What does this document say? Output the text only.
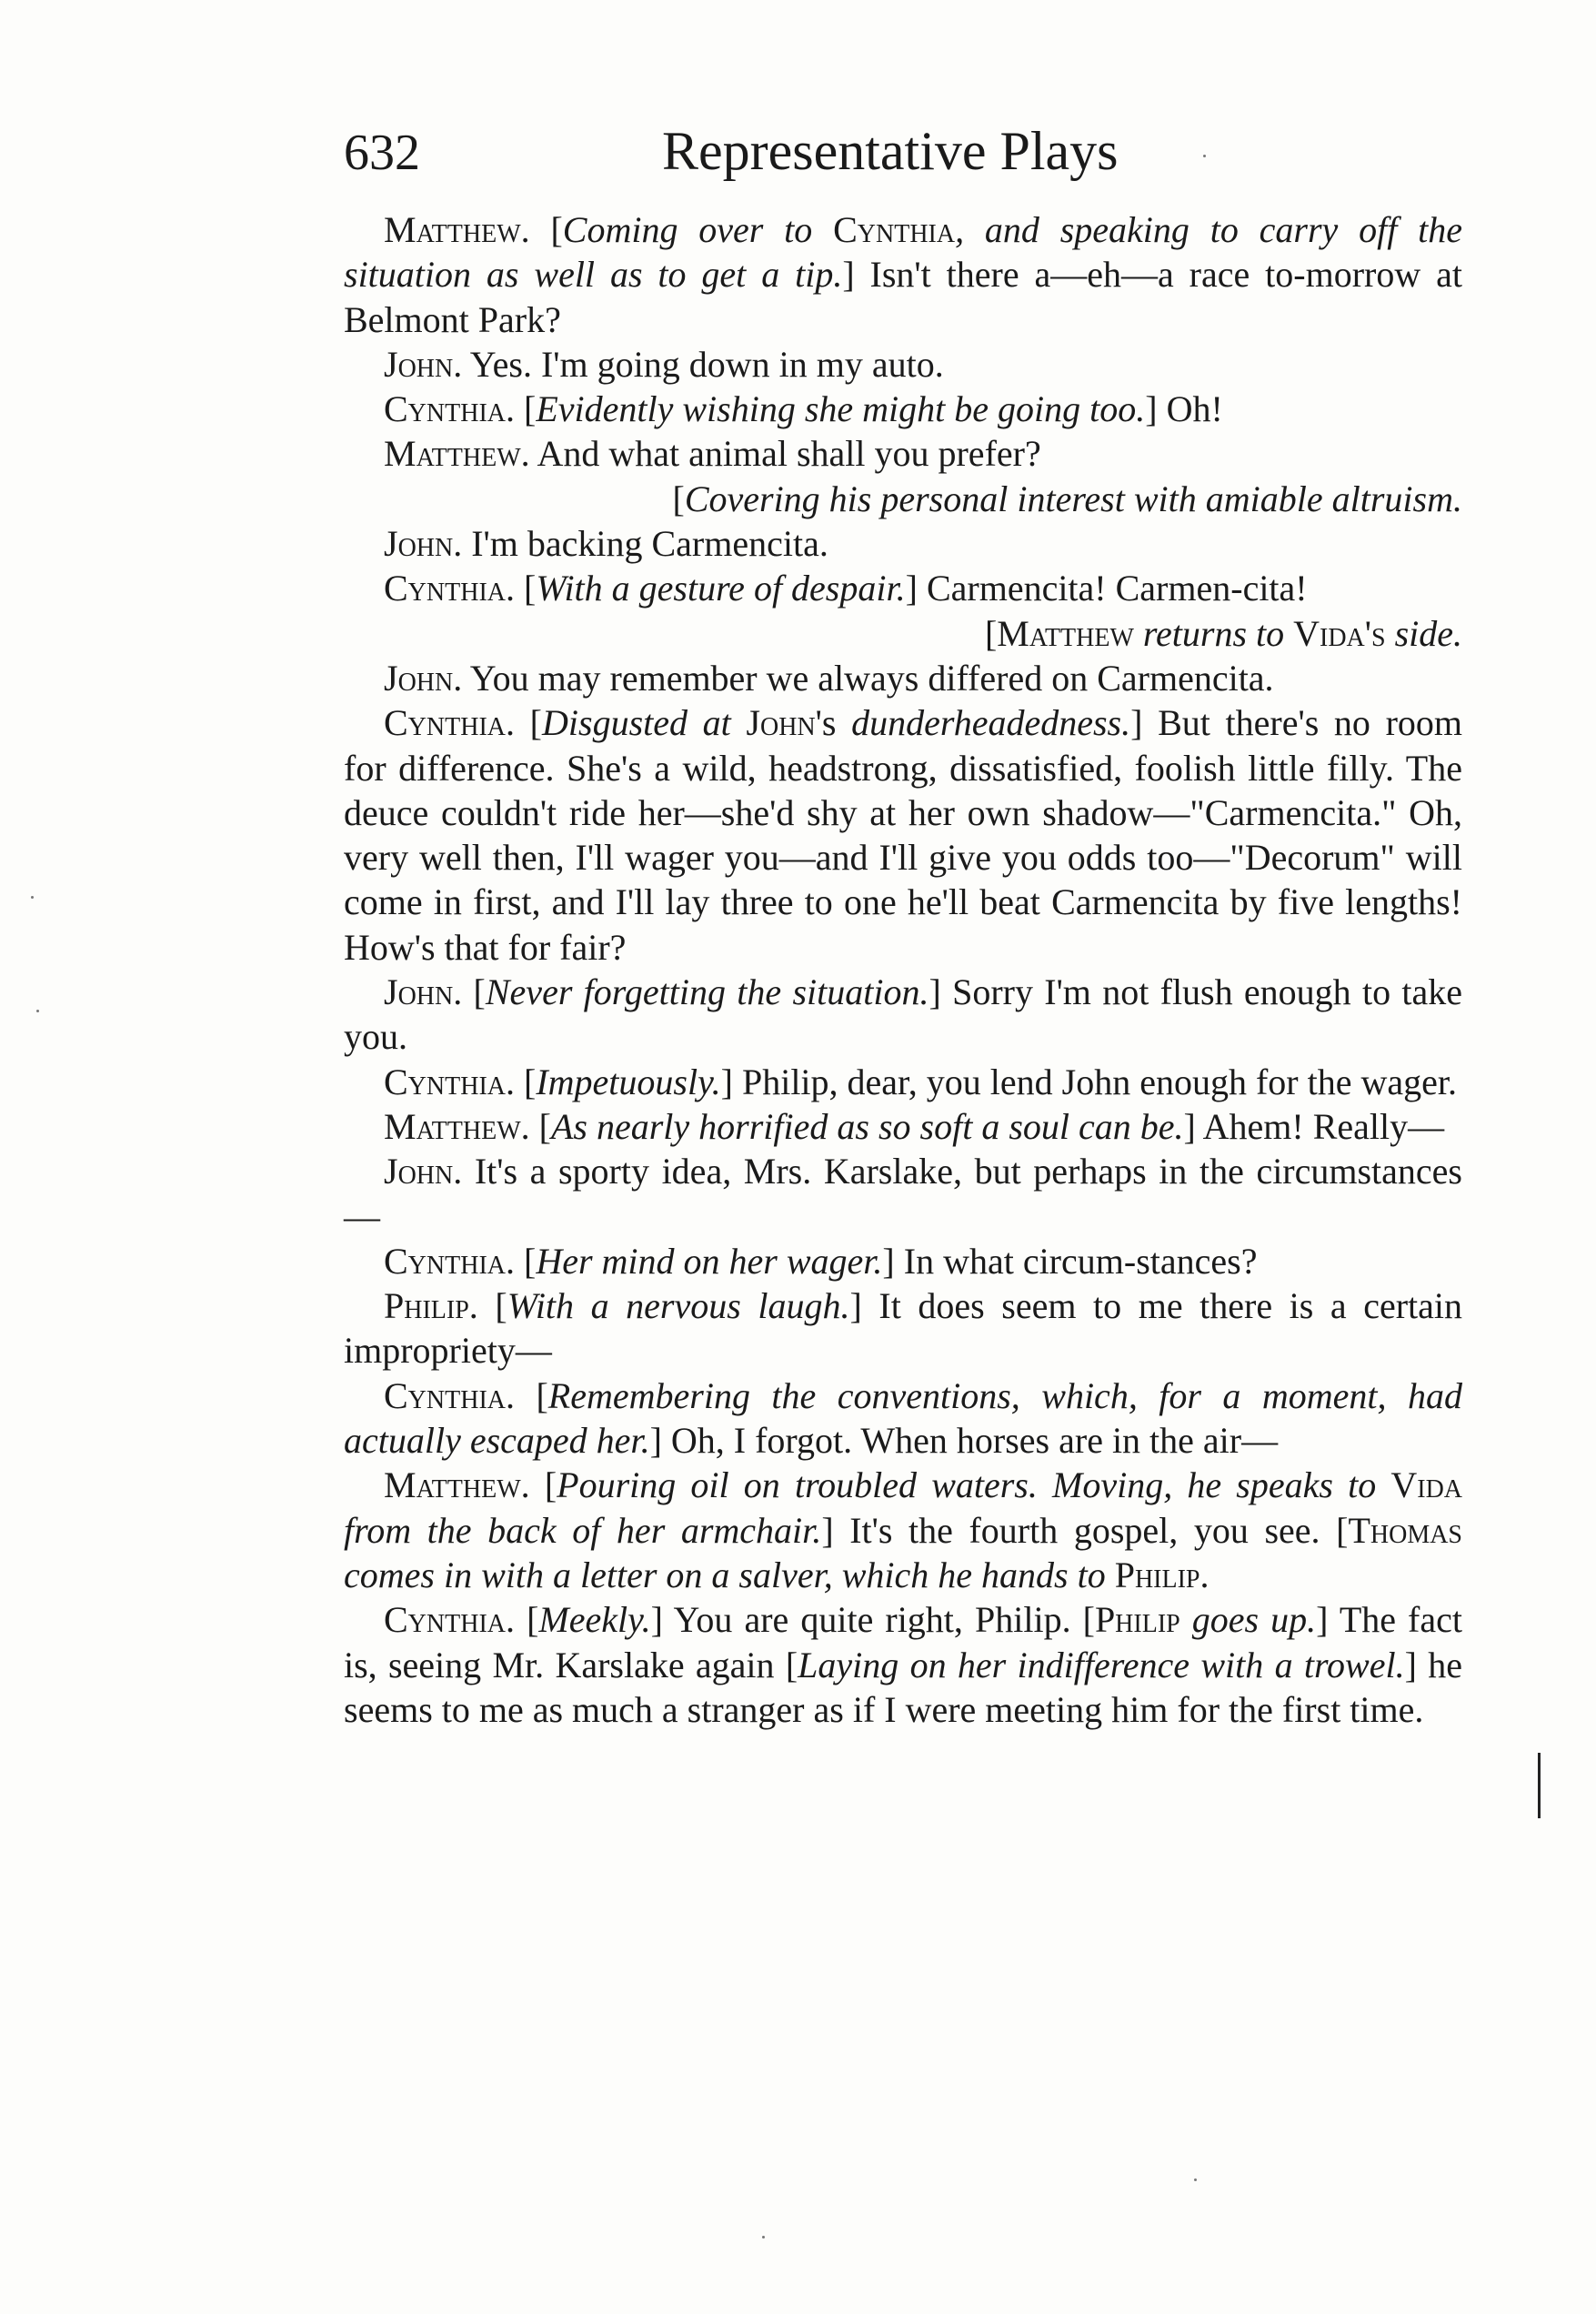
632	Representative Plays

Matthew. [Coming over to Cynthia, and speaking to carry off the situation as well as to get a tip.] Isn't there a—eh—a race to-morrow at Belmont Park?

John. Yes. I'm going down in my auto.

Cynthia. [Evidently wishing she might be going too.] Oh!

Matthew. And what animal shall you prefer?

[Covering his personal interest with amiable altruism.

John. I'm backing Carmencita.

Cynthia. [With a gesture of despair.] Carmencita! Carmen-cita!
[Matthew returns to Vida's side.

John. You may remember we always differed on Carmencita.

Cynthia. [Disgusted at John's dunderheadedness.] But there's no room for difference. She's a wild, headstrong, dissatisfied, foolish little filly. The deuce couldn't ride her—she'd shy at her own shadow—"Carmencita." Oh, very well then, I'll wager you—and I'll give you odds too—"Decorum" will come in first, and I'll lay three to one he'll beat Carmencita by five lengths! How's that for fair?

John. [Never forgetting the situation.] Sorry I'm not flush enough to take you.

Cynthia. [Impetuously.] Philip, dear, you lend John enough for the wager.

Matthew. [As nearly horrified as so soft a soul can be.] Ahem! Really—

John. It's a sporty idea, Mrs. Karslake, but perhaps in the circumstances—

Cynthia. [Her mind on her wager.] In what circum-stances?

Philip. [With a nervous laugh.] It does seem to me there is a certain impropriety—

Cynthia. [Remembering the conventions, which, for a moment, had actually escaped her.] Oh, I forgot. When horses are in the air—

Matthew. [Pouring oil on troubled waters. Moving, he speaks to Vida from the back of her armchair.] It's the fourth gospel, you see. [Thomas comes in with a letter on a salver, which he hands to Philip.

Cynthia. [Meekly.] You are quite right, Philip. [Philip goes up.] The fact is, seeing Mr. Karslake again [Laying on her indifference with a trowel.] he seems to me as much a stranger as if I were meeting him for the first time.
